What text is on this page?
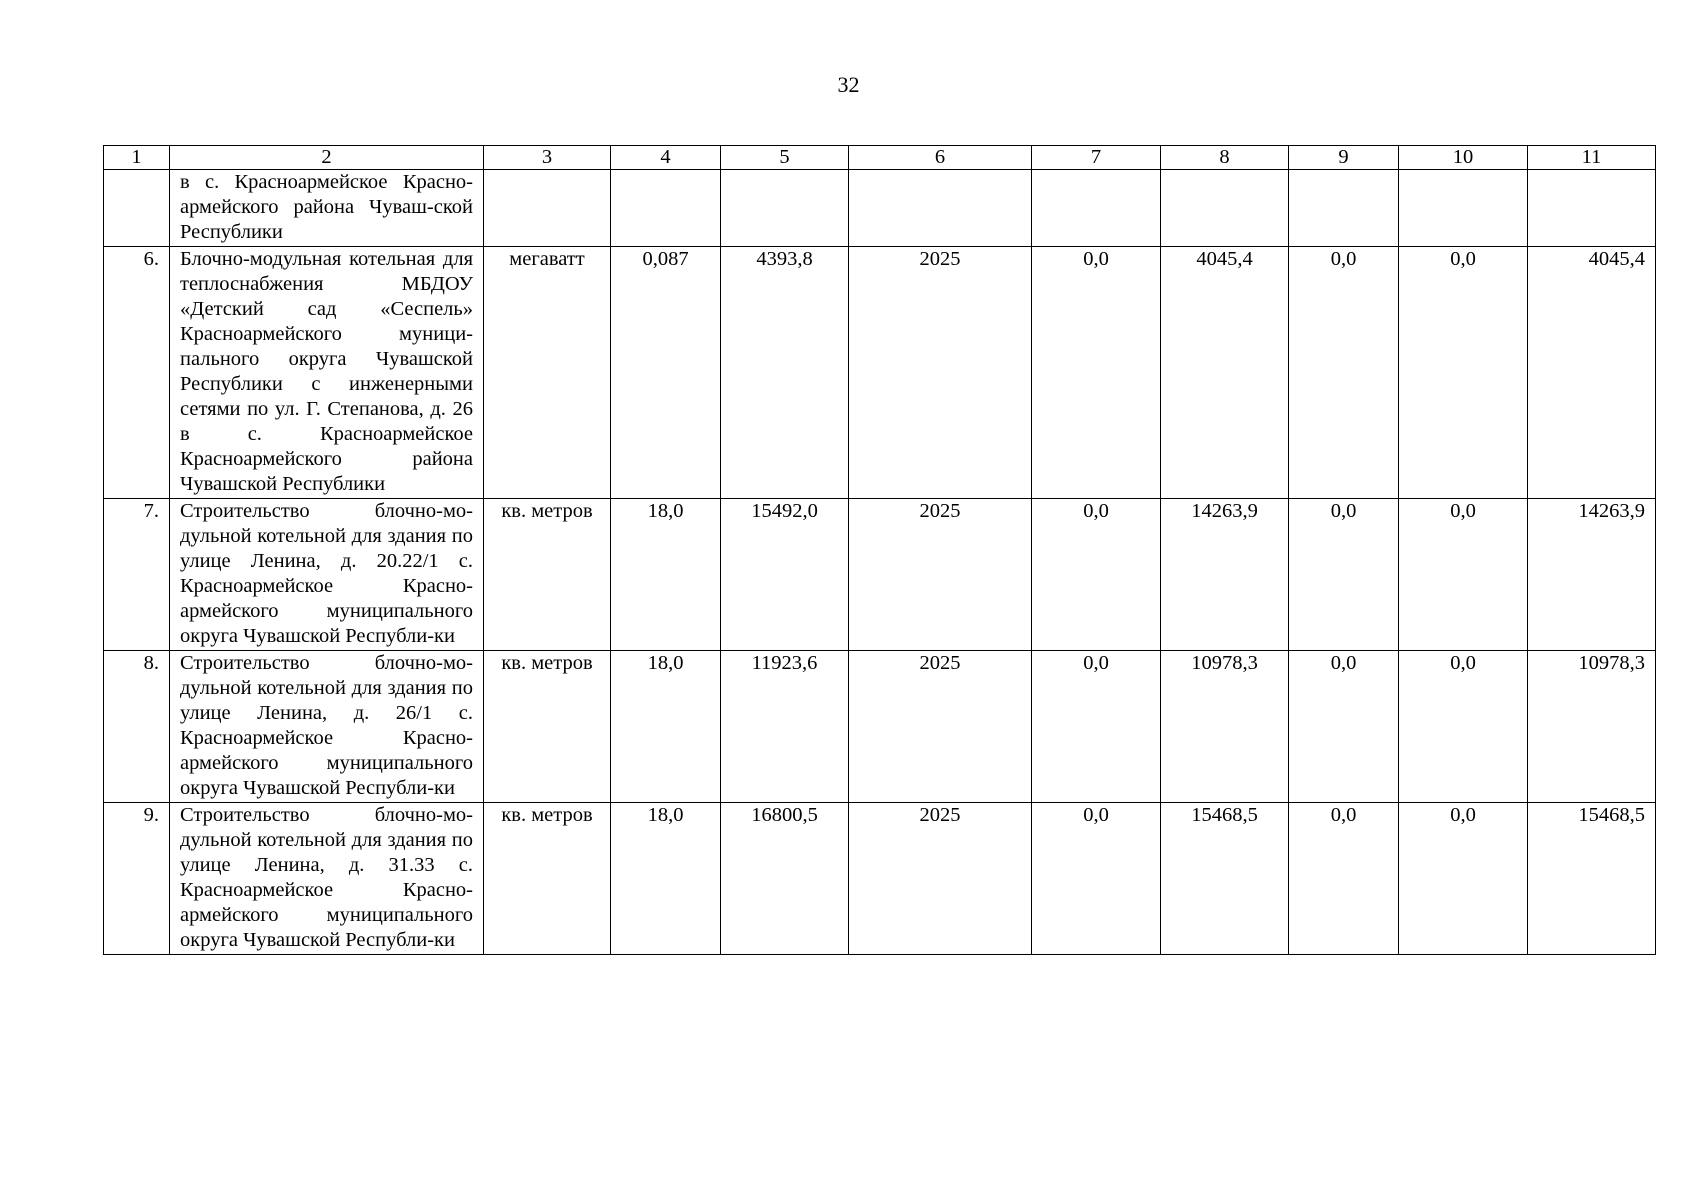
32
1	2	3	4	5	6	7	8	9	10	11
	в с. Красноармейское Красно-армейского района Чуваш-ской Республики									
6.	Блочно-модульная котельная для теплоснабжения МБДОУ «Детский сад «Сеспель» Красноармейского муници-пального округа Чувашской Республики с инженерными сетями по ул. Г. Степанова, д. 26 в с. Красноармейское Красноармейского района Чувашской Республики	мегаватт	0,087	4393,8	2025	0,0	4045,4	0,0	0,0	4045,4
7.	Строительство блочно-мо-дульной котельной для здания по улице Ленина, д. 20.22/1 с. Красноармейское Красно-армейского муниципального округа Чувашской Республи-ки	кв. метров	18,0	15492,0	2025	0,0	14263,9	0,0	0,0	14263,9
8.	Строительство блочно-мо-дульной котельной для здания по улице Ленина, д. 26/1 с. Красноармейское Красно-армейского муниципального округа Чувашской Республи-ки	кв. метров	18,0	11923,6	2025	0,0	10978,3	0,0	0,0	10978,3
9.	Строительство блочно-мо-дульной котельной для здания по улице Ленина, д. 31.33 с. Красноармейское Красно-армейского муниципального округа Чувашской Республи-ки	кв. метров	18,0	16800,5	2025	0,0	15468,5	0,0	0,0	15468,5
